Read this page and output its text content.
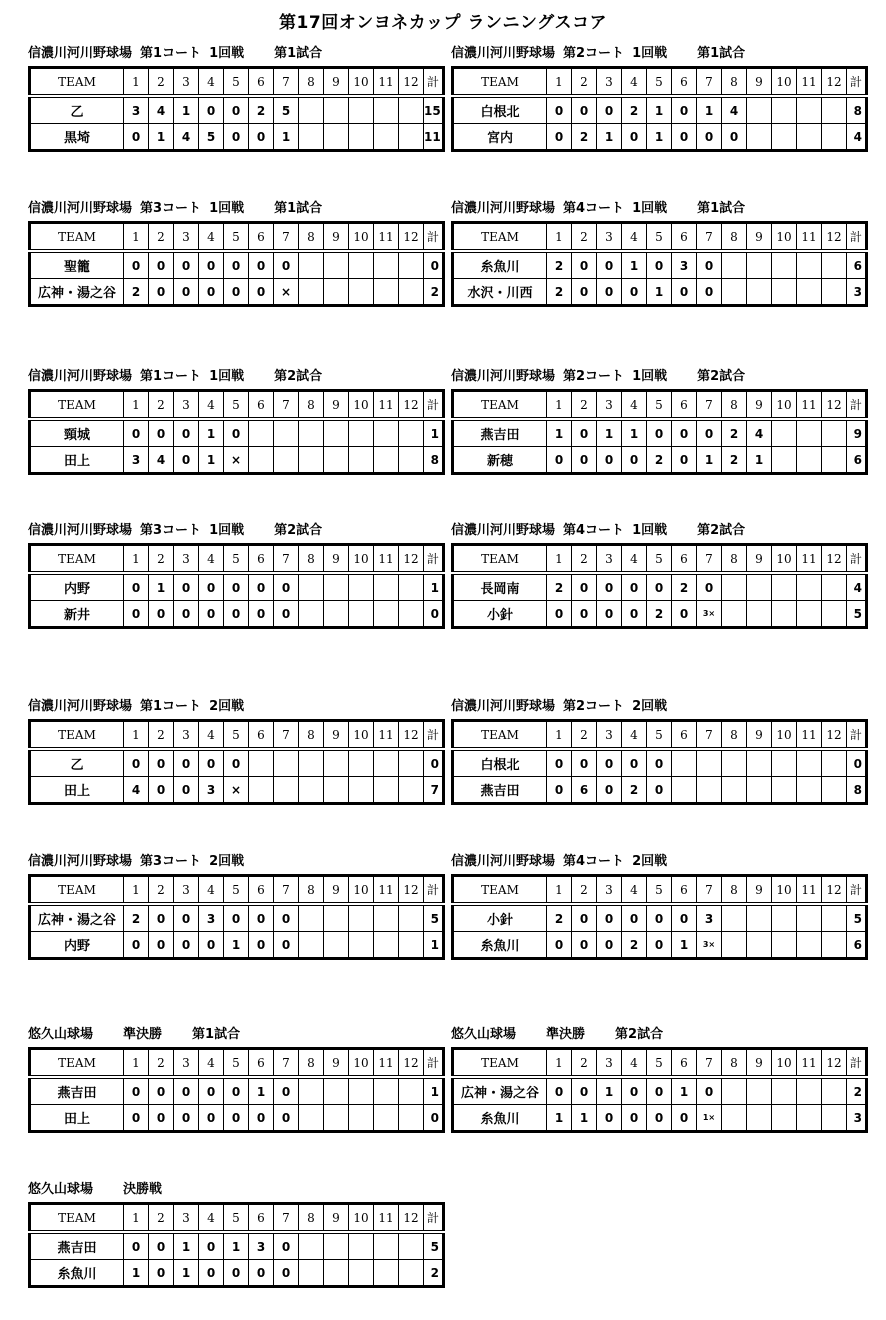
第17回オンヨネカップ ランニングスコア
信濃川河川野球場 第1コート 1回戦 第1試合
TEAM	1	2	3	4	5	6	7	8	9	10	11	12	計
乙	3	4	1	0	0	2	5						15
黒埼	0	1	4	5	0	0	1						11
信濃川河川野球場 第2コート 1回戦 第1試合
TEAM	1	2	3	4	5	6	7	8	9	10	11	12	計
白根北	0	0	0	2	1	0	1	4					8
宮内	0	2	1	0	1	0	0	0					4
信濃川河川野球場 第3コート 1回戦 第1試合
TEAM	1	2	3	4	5	6	7	8	9	10	11	12	計
聖籠	0	0	0	0	0	0	0						0
広神・湯之谷	2	0	0	0	0	0	×						2
信濃川河川野球場 第4コート 1回戦 第1試合
TEAM	1	2	3	4	5	6	7	8	9	10	11	12	計
糸魚川	2	0	0	1	0	3	0						6
水沢・川西	2	0	0	0	1	0	0						3
信濃川河川野球場 第1コート 1回戦 第2試合
TEAM	1	2	3	4	5	6	7	8	9	10	11	12	計
頸城	0	0	0	1	0								1
田上	3	4	0	1	×								8
信濃川河川野球場 第2コート 1回戦 第2試合
TEAM	1	2	3	4	5	6	7	8	9	10	11	12	計
燕吉田	1	0	1	1	0	0	0	2	4				9
新穂	0	0	0	0	2	0	1	2	1				6
信濃川河川野球場 第3コート 1回戦 第2試合
TEAM	1	2	3	4	5	6	7	8	9	10	11	12	計
内野	0	1	0	0	0	0	0						1
新井	0	0	0	0	0	0	0						0
信濃川河川野球場 第4コート 1回戦 第2試合
TEAM	1	2	3	4	5	6	7	8	9	10	11	12	計
長岡南	2	0	0	0	0	2	0						4
小針	0	0	0	0	2	0	3×						5
信濃川河川野球場 第1コート 2回戦
TEAM	1	2	3	4	5	6	7	8	9	10	11	12	計
乙	0	0	0	0	0								0
田上	4	0	0	3	×								7
信濃川河川野球場 第2コート 2回戦
TEAM	1	2	3	4	5	6	7	8	9	10	11	12	計
白根北	0	0	0	0	0								0
燕吉田	0	6	0	2	0								8
信濃川河川野球場 第3コート 2回戦
TEAM	1	2	3	4	5	6	7	8	9	10	11	12	計
広神・湯之谷	2	0	0	3	0	0	0						5
内野	0	0	0	0	1	0	0						1
信濃川河川野球場 第4コート 2回戦
TEAM	1	2	3	4	5	6	7	8	9	10	11	12	計
小針	2	0	0	0	0	0	3						5
糸魚川	0	0	0	2	0	1	3×						6
悠久山球場 準決勝 第1試合
TEAM	1	2	3	4	5	6	7	8	9	10	11	12	計
燕吉田	0	0	0	0	0	1	0						1
田上	0	0	0	0	0	0	0						0
悠久山球場 準決勝 第2試合
TEAM	1	2	3	4	5	6	7	8	9	10	11	12	計
広神・湯之谷	0	0	1	0	0	1	0						2
糸魚川	1	1	0	0	0	0	1×						3
悠久山球場 決勝戦
TEAM	1	2	3	4	5	6	7	8	9	10	11	12	計
燕吉田	0	0	1	0	1	3	0						5
糸魚川	1	0	1	0	0	0	0						2
